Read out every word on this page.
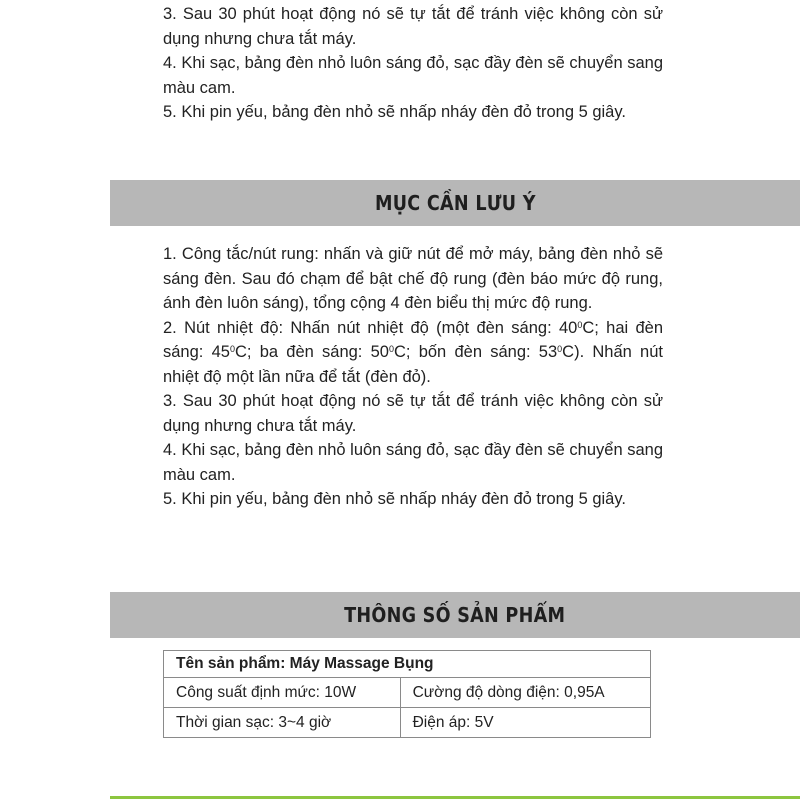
3. Sau 30 phút hoạt động nó sẽ tự tắt để tránh việc không còn sử dụng nhưng chưa tắt máy.

4. Khi sạc, bảng đèn nhỏ luôn sáng đỏ, sạc đầy đèn sẽ chuyển sang màu cam.

5. Khi pin yếu, bảng đèn nhỏ sẽ nhấp nháy đèn đỏ trong 5 giây.

MỤC CẦN LƯU Ý

1. Công tắc/nút rung: nhấn và giữ nút để mở máy, bảng đèn nhỏ sẽ sáng đèn. Sau đó chạm để bật chế độ rung (đèn báo mức độ rung, ánh đèn luôn sáng), tổng cộng 4 đèn biểu thị mức độ rung.

2. Nút nhiệt độ: Nhấn nút nhiệt độ (một đèn sáng: $40^0C$; hai đèn sáng: $45^0C$; ba đèn sáng: $50^0C$; bốn đèn sáng: $53^0C$). Nhấn nút nhiệt độ một lần nữa để tắt (đèn đỏ).

3. Sau 30 phút hoạt động nó sẽ tự tắt để tránh việc không còn sử dụng nhưng chưa tắt máy.

4. Khi sạc, bảng đèn nhỏ luôn sáng đỏ, sạc đầy đèn sẽ chuyển sang màu cam.

5. Khi pin yếu, bảng đèn nhỏ sẽ nhấp nháy đèn đỏ trong 5 giây.

THÔNG SỐ SẢN PHẨM
Tên sản phẩm: Máy Massage Bụng	
Công suất định mức: 10W	Cường độ dòng điện: 0,95A
Thời gian sạc: 3~4 giờ	Điện áp: 5V
